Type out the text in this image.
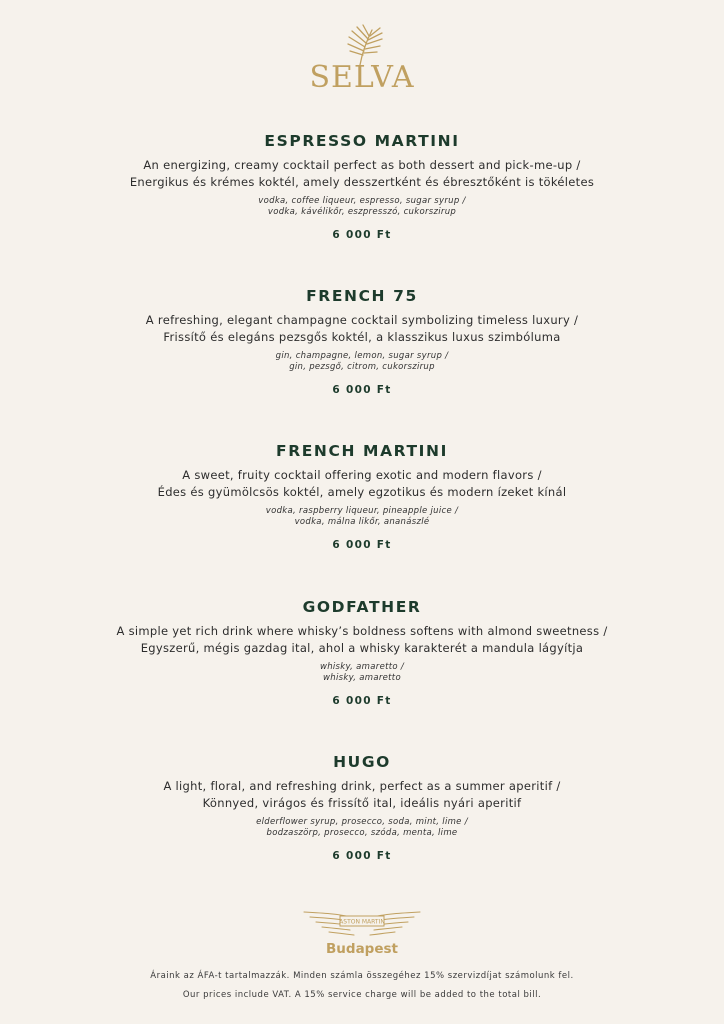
SELVA
ESPRESSO MARTINI
An energizing, creamy cocktail perfect as both dessert and pick-me-up /
Energikus és krémes koktél, amely desszertként és ébresztőként is tökéletes
vodka, coffee liqueur, espresso, sugar syrup /
vodka, kávélikőr, eszpresszó, cukorszirup
6 000 Ft
FRENCH 75
A refreshing, elegant champagne cocktail symbolizing timeless luxury /
Frissítő és elegáns pezsgős koktél, a klasszikus luxus szimbóluma
gin, champagne, lemon, sugar syrup /
gin, pezsgő, citrom, cukorszirup
6 000 Ft
FRENCH MARTINI
A sweet, fruity cocktail offering exotic and modern flavors /
Édes és gyümölcsös koktél, amely egzotikus és modern ízeket kínál
vodka, raspberry liqueur, pineapple juice /
vodka, málna likőr, ananászlé
6 000 Ft
GODFATHER
A simple yet rich drink where whisky’s boldness softens with almond sweetness /
Egyszerű, mégis gazdag ital, ahol a whisky karakterét a mandula lágyítja
whisky, amaretto /
whisky, amaretto
6 000 Ft
HUGO
A light, floral, and refreshing drink, perfect as a summer aperitif /
Könnyed, virágos és frissítő ital, ideális nyári aperitif
elderflower syrup, prosecco, soda, mint, lime /
bodzaszörp, prosecco, szóda, menta, lime
6 000 Ft
ASTON MARTIN
Budapest
Áraink az ÁFA-t tartalmazzák. Minden számla összegéhez 15% szervizdíjat számolunk fel.
Our prices include VAT. A 15% service charge will be added to the total bill.
